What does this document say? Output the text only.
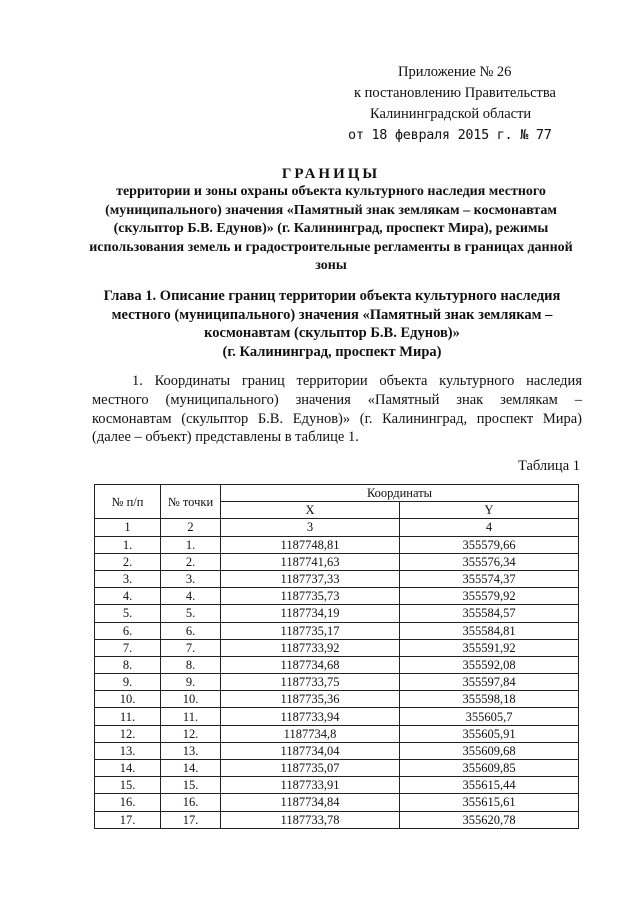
Приложение № 26
к постановлению Правительства
Калининградской области
от 18 февраля 2015 г. № 77
ГРАНИЦЫ
территории и зоны охраны объекта культурного наследия местного (муниципального) значения «Памятный знак землякам – космонавтам (скульптор Б.В. Едунов)» (г. Калининград, проспект Мира), режимы использования земель и градостроительные регламенты в границах данной зоны
Глава 1. Описание границ территории объекта культурного наследия
местного (муниципального) значения «Памятный знак землякам –
космонавтам (скульптор Б.В. Едунов)»
(г. Калининград, проспект Мира)
1. Координаты границ территории объекта культурного наследия местного (муниципального) значения «Памятный знак землякам – космонавтам (скульптор Б.В. Едунов)» (г. Калининград, проспект Мира) (далее – объект) представлены в таблице 1.
Таблица 1
№ п/п	№ точки	Координаты	
		X	Y
1	2	3	4
1.	1.	1187748,81	355579,66
2.	2.	1187741,63	355576,34
3.	3.	1187737,33	355574,37
4.	4.	1187735,73	355579,92
5.	5.	1187734,19	355584,57
6.	6.	1187735,17	355584,81
7.	7.	1187733,92	355591,92
8.	8.	1187734,68	355592,08
9.	9.	1187733,75	355597,84
10.	10.	1187735,36	355598,18
11.	11.	1187733,94	355605,7
12.	12.	1187734,8	355605,91
13.	13.	1187734,04	355609,68
14.	14.	1187735,07	355609,85
15.	15.	1187733,91	355615,44
16.	16.	1187734,84	355615,61
17.	17.	1187733,78	355620,78
